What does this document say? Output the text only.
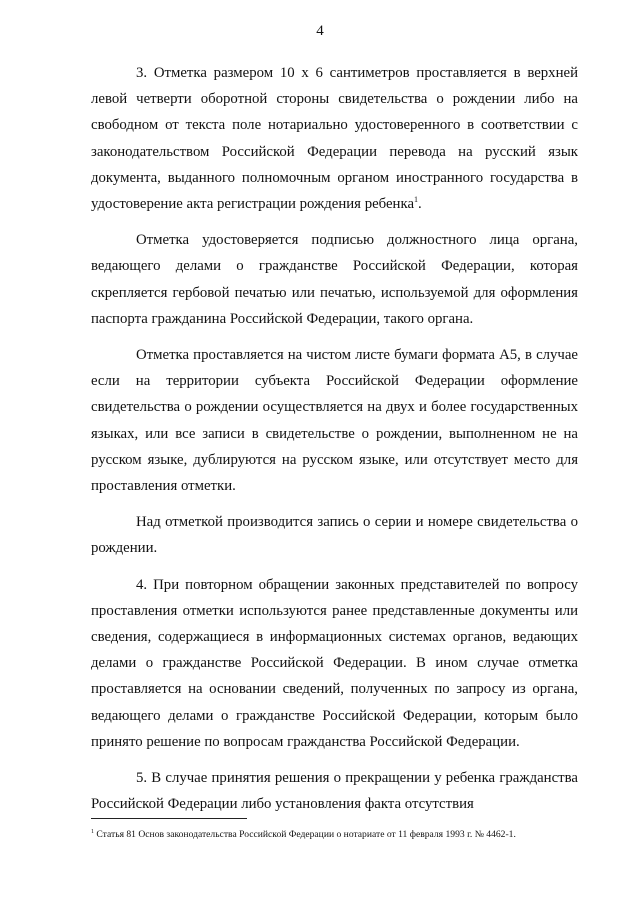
4

3. Отметка размером 10 х 6 сантиметров проставляется в верхней левой четверти оборотной стороны свидетельства о рождении либо на свободном от текста поле нотариально удостоверенного в соответствии с законодательством Российской Федерации перевода на русский язык документа, выданного полномочным органом иностранного государства в удостоверение акта регистрации рождения ребенка$^1$.

Отметка удостоверяется подписью должностного лица органа, ведающего делами о гражданстве Российской Федерации, которая скрепляется гербовой печатью или печатью, используемой для оформления паспорта гражданина Российской Федерации, такого органа.

Отметка проставляется на чистом листе бумаги формата А5, в случае если на территории субъекта Российской Федерации оформление свидетельства о рождении осуществляется на двух и более государственных языках, или все записи в свидетельстве о рождении, выполненном не на русском языке, дублируются на русском языке, или отсутствует место для проставления отметки.

Над отметкой производится запись о серии и номере свидетельства о рождении.

4. При повторном обращении законных представителей по вопросу проставления отметки используются ранее представленные документы или сведения, содержащиеся в информационных системах органов, ведающих делами о гражданстве Российской Федерации. В ином случае отметка проставляется на основании сведений, полученных по запросу из органа, ведающего делами о гражданстве Российской Федерации, которым было принято решение по вопросам гражданства Российской Федерации.

5. В случае принятия решения о прекращении у ребенка гражданства Российской Федерации либо установления факта отсутствия

$^1$ Статья 81 Основ законодательства Российской Федерации о нотариате от 11 февраля 1993 г. № 4462-1.
